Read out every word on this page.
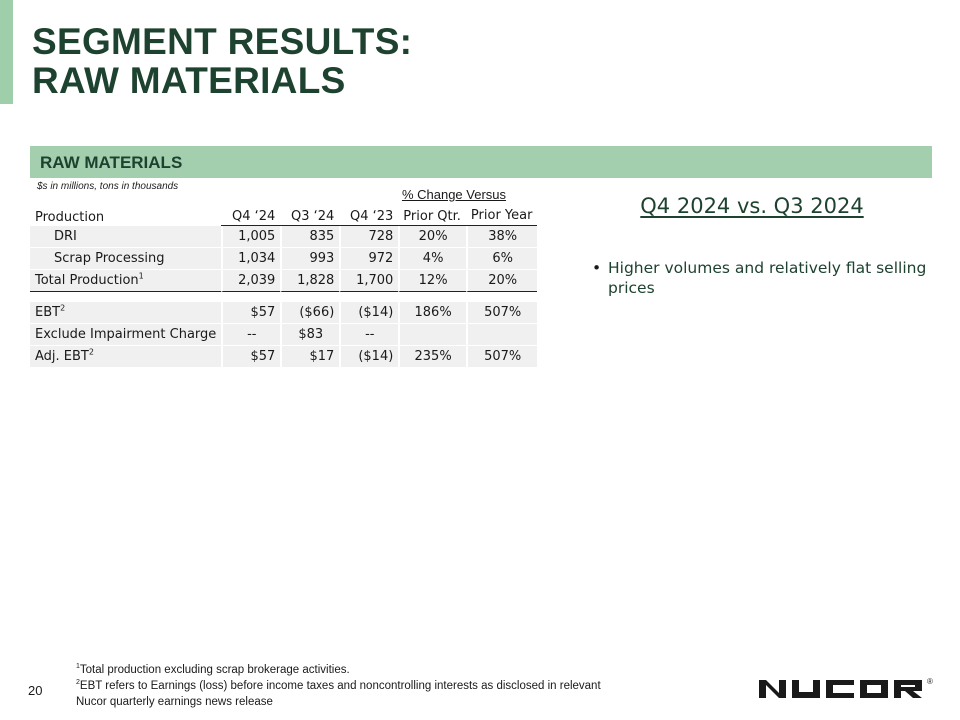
SEGMENT RESULTS:
RAW MATERIALS
RAW MATERIALS
$s in millions, tons in thousands
% Change Versus
Production	Q4 ‘24	Q3 ‘24	Q4 ‘23	Prior Qtr.	Prior Year
DRI	1,005	835	728	20%	38%
Scrap Processing	1,034	993	972	4%	6%
Total Production$^1$	2,039	1,828	1,700	12%	20%

EBT$^2$	$57	($66)	($14)	186%	507%
Exclude Impairment Charge	--	$83	--		
Adj. EBT$^2$	$57	$17	($14)	235%	507%
Q4 2024 vs. Q3 2024
• Higher volumes and relatively flat selling prices
$^1$Total production excluding scrap brokerage activities.
$^2$EBT refers to Earnings (loss) before income taxes and noncontrolling interests as disclosed in relevant
Nucor quarterly earnings news release
20
®
